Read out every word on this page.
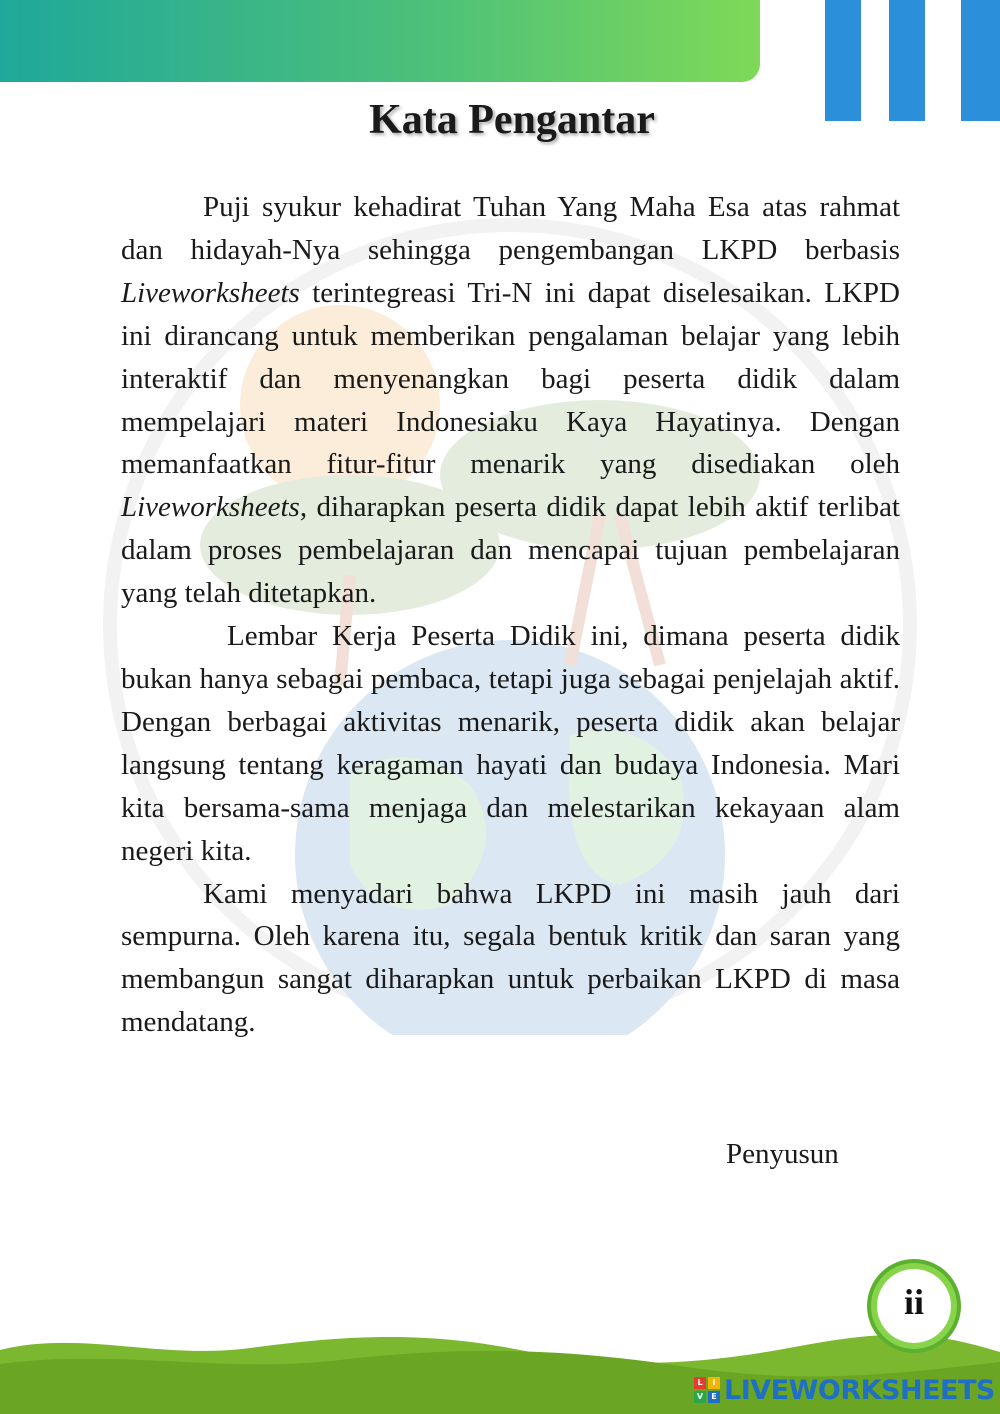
Kata Pengantar

Puji syukur kehadirat Tuhan Yang Maha Esa atas rahmat dan hidayah-Nya sehingga pengembangan LKPD berbasis Liveworksheets terintegreasi Tri-N ini dapat diselesaikan. LKPD ini dirancang untuk memberikan pengalaman belajar yang lebih interaktif dan menyenangkan bagi peserta didik dalam mempelajari materi Indonesiaku Kaya Hayatinya. Dengan memanfaatkan fitur-fitur menarik yang disediakan oleh Liveworksheets, diharapkan peserta didik dapat lebih aktif terlibat dalam proses pembelajaran dan mencapai tujuan pembelajaran yang telah ditetapkan.

Lembar Kerja Peserta Didik ini, dimana peserta didik bukan hanya sebagai pembaca, tetapi juga sebagai penjelajah aktif. Dengan berbagai aktivitas menarik, peserta didik akan belajar langsung tentang keragaman hayati dan budaya Indonesia. Mari kita bersama-sama menjaga dan melestarikan kekayaan alam negeri kita.

Kami menyadari bahwa LKPD ini masih jauh dari sempurna. Oleh karena itu, segala bentuk kritik dan saran yang membangun sangat diharapkan untuk perbaikan LKPD di masa mendatang.

Penyusun
ii
L	I
V	E LIVEWORKSHEETS
